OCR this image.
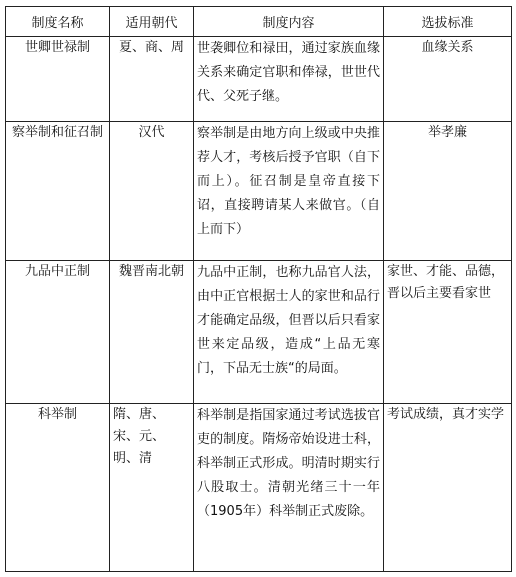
制度名称	适用朝代	制度内容	选拔标准
世卿世禄制	夏、商、周	世袭卿位和禄田，通过家族血缘关系来确定官职和俸禄，世世代代、父死子继。	血缘关系
察举制和征召制	汉代	察举制是由地方向上级或中央推荐人才，考核后授予官职（自下而上）。征召制是皇帝直接下诏，直接聘请某人来做官。（自上而下）	举孝廉
九品中正制	魏晋南北朝	九品中正制，也称九品官人法，由中正官根据士人的家世和品行才能确定品级，但晋以后只看家世来定品级，造成“上品无寒门，下品无士族“的局面。	家世、才能、品德，晋以后主要看家世
科举制	隋、唐、宋、元、明、清	科举制是指国家通过考试选拔官吏的制度。隋炀帝始设进士科，科举制正式形成。明清时期实行八股取士。清朝光绪三十一年（1905年）科举制正式废除。	考试成绩，真才实学
